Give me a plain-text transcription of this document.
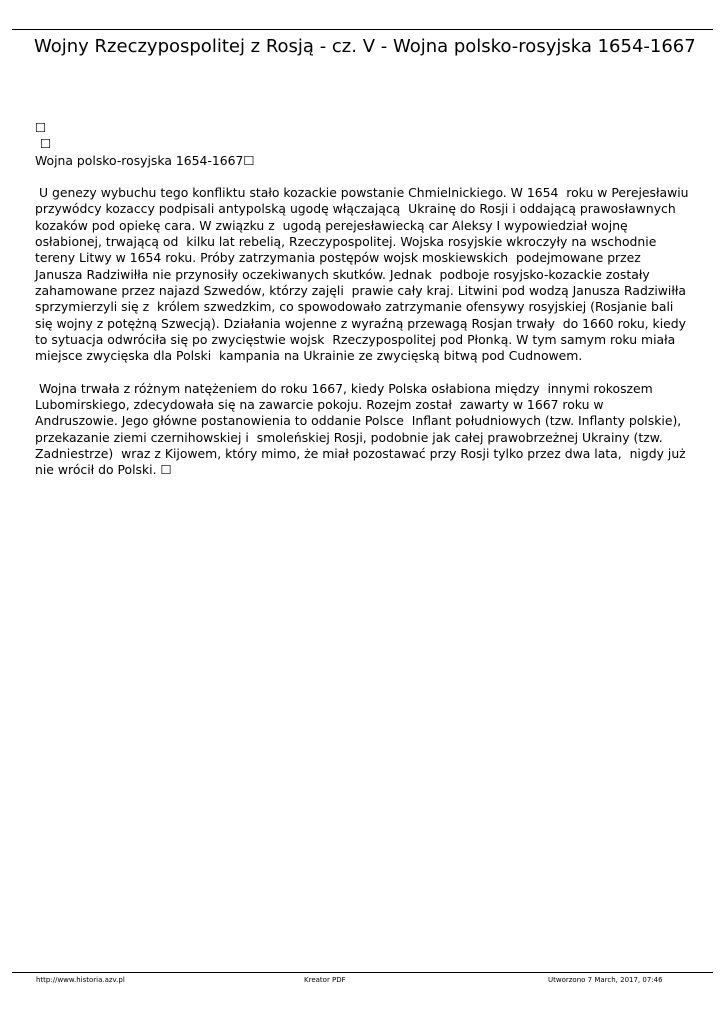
Wojny Rzeczypospolitej z Rosją - cz. V - Wojna polsko-rosyjska 1654-1667
☐
☐
Wojna polsko-rosyjska 1654-1667☐
U genezy wybuchu tego konfliktu stało kozackie powstanie Chmielnickiego. W 1654  roku w Perejesławiu
przywódcy kozaccy podpisali antypolską ugodę włączającą  Ukrainę do Rosji i oddającą prawosławnych
kozaków pod opiekę cara. W związku z  ugodą perejesławiecką car Aleksy I wypowiedział wojnę
osłabionej, trwającą od  kilku lat rebelią, Rzeczypospolitej. Wojska rosyjskie wkroczyły na wschodnie
tereny Litwy w 1654 roku. Próby zatrzymania postępów wojsk moskiewskich  podejmowane przez
Janusza Radziwiłła nie przynosiły oczekiwanych skutków. Jednak  podboje rosyjsko-kozackie zostały
zahamowane przez najazd Szwedów, którzy zajęli  prawie cały kraj. Litwini pod wodzą Janusza Radziwiłła
sprzymierzyli się z  królem szwedzkim, co spowodowało zatrzymanie ofensywy rosyjskiej (Rosjanie bali
się wojny z potężną Szwecją). Działania wojenne z wyraźną przewagą Rosjan trwały  do 1660 roku, kiedy
to sytuacja odwróciła się po zwycięstwie wojsk  Rzeczypospolitej pod Płonką. W tym samym roku miała
miejsce zwycięska dla Polski  kampania na Ukrainie ze zwycięską bitwą pod Cudnowem.
Wojna trwała z różnym natężeniem do roku 1667, kiedy Polska osłabiona między  innymi rokoszem
Lubomirskiego, zdecydowała się na zawarcie pokoju. Rozejm został  zawarty w 1667 roku w
Andruszowie. Jego główne postanowienia to oddanie Polsce  Inflant południowych (tzw. Inflanty polskie),
przekazanie ziemi czernihowskiej i  smoleńskiej Rosji, podobnie jak całej prawobrzeżnej Ukrainy (tzw.
Zadniestrze)  wraz z Kijowem, który mimo, że miał pozostawać przy Rosji tylko przez dwa lata,  nigdy już
nie wrócił do Polski. ☐
http://www.historia.azv.pl	Kreator PDF	Utworzono 7 March, 2017, 07:46
